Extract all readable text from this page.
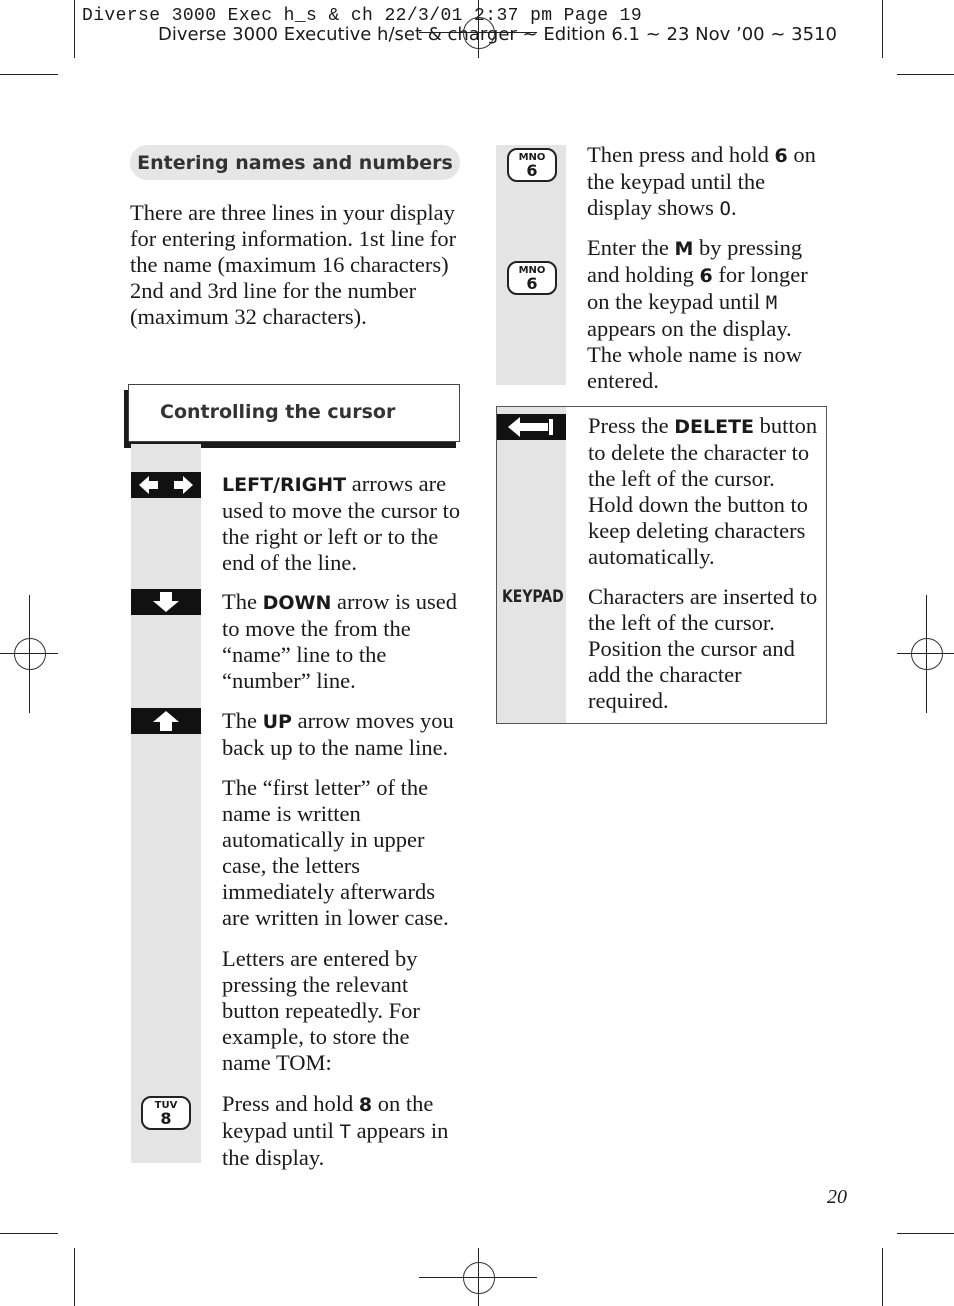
Diverse 3000 Exec h_s & ch 22/3/01 2:37 pm Page 19
Diverse 3000 Executive h/set & charger ~ Edition 6.1 ~ 23 Nov ’00 ~ 3510
Entering names and numbers
There are three lines in your display for entering information. 1st line for the name (maximum 16 characters) 2nd and 3rd line for the number (maximum 32 characters).
Controlling the cursor
TUV
8
LEFT/RIGHT arrows are used to move the cursor to the right or left or to the end of the line.
The DOWN arrow is used to move the from the “name” line to the “number” line.
The UP arrow moves you back up to the name line.
The “first letter” of the name is written automatically in upper case, the letters immediately afterwards are written in lower case.
Letters are entered by pressing the relevant button repeatedly. For example, to store the name TOM:
Press and hold 8 on the keypad until T appears in the display.
MNO
6
MNO
6
Then press and hold 6 on the keypad until the display shows O.
Enter the M by pressing and holding 6 for longer on the keypad until M appears on the display. The whole name is now entered.
KEYPAD
Press the DELETE button to delete the character to the left of the cursor. Hold down the button to keep deleting characters automatically.
Characters are inserted to the left of the cursor. Position the cursor and add the character required.
20
